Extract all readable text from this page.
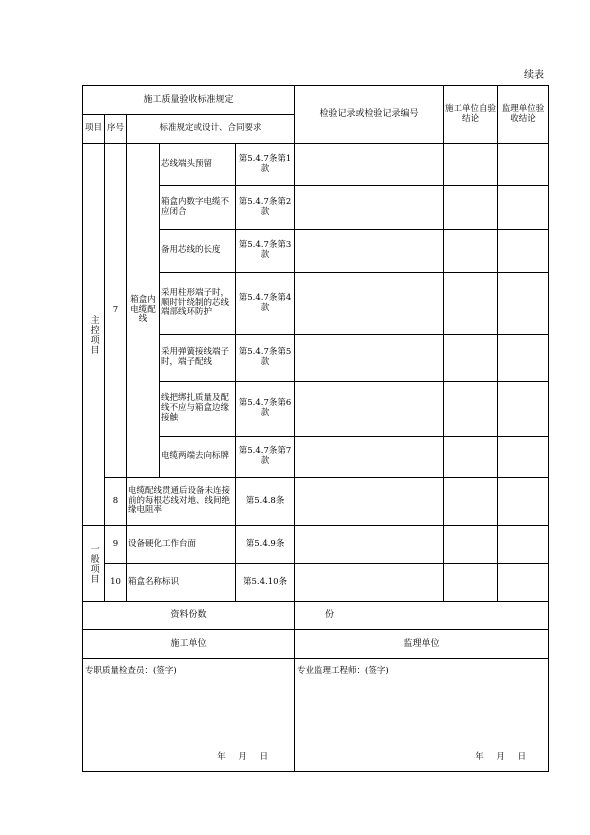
续表
施工质量验收标准规定					检验记录或检验记录编号	施工单位自验结论	监理单位验收结论
项目	序号	标准规定或设计、合同要求					

主控项目	7	箱盒内电缆配线	芯线端头预留	第5.4.7条第1款			
			箱盒内数字电缆不应闭合	第5.4.7条第2款			
			备用芯线的长度	第5.4.7条第3款			
			采用柱形端子时，顺时针绕制的芯线端部线环防护	第5.4.7条第4款			
			采用弹簧接线端子时，端子配线	第5.4.7条第5款			
			线把绑扎质量及配线不应与箱盒边缘接触	第5.4.7条第6款			
			电缆两端去向标牌	第5.4.7条第7款			
	8	电缆配线贯通后设备未连接前的每根芯线对地、线间绝缘电阻率		第5.4.8条			

一般项目	9	设备硬化工作台面		第5.4.9条			
	10	箱盒名称标识		第5.4.10条			
资料份数					份		
施工单位					监理单位		
专职质量检查员：(签字)
年 月 日					专业监理工程师：(签字)
年 月 日		
